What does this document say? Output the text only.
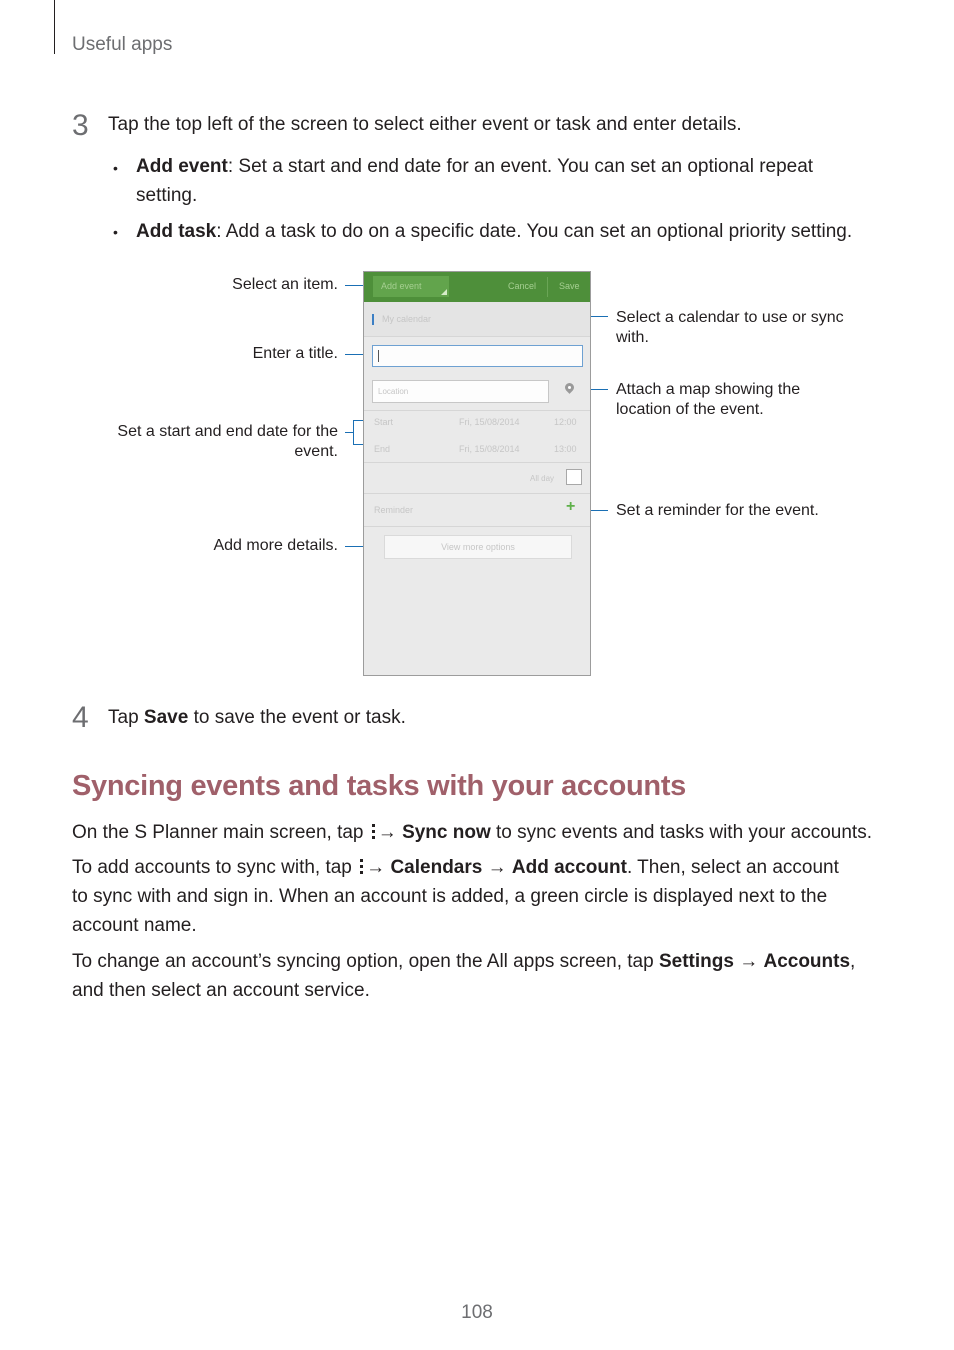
Useful apps
3 Tap the top left of the screen to select either event or task and enter details.
• Add event: Set a start and end date for an event. You can set an optional repeat
setting.
• Add task: Add a task to do on a specific date. You can set an optional priority setting.
Select an item.
Enter a title.
Set a start and end date for the
event.
Add more details.
Select a calendar to use or sync
with.
Attach a map showing the
location of the event.
Set a reminder for the event.
Add event	Cancel	Save
My calendar
Location
Start	Fri, 15/08/2014	12:00
End	Fri, 15/08/2014	13:00
All day
Reminder	+
View more options
4 Tap Save to save the event or task.
Syncing events and tasks with your accounts
On the S Planner main screen, tap
→ Sync now to sync events and tasks with your accounts.
To add accounts to sync with, tap
→ Calendars → Add account. Then, select an account
to sync with and sign in. When an account is added, a green circle is displayed next to the
account name.
To change an account’s syncing option, open the All apps screen, tap Settings → Accounts,
and then select an account service.
108
